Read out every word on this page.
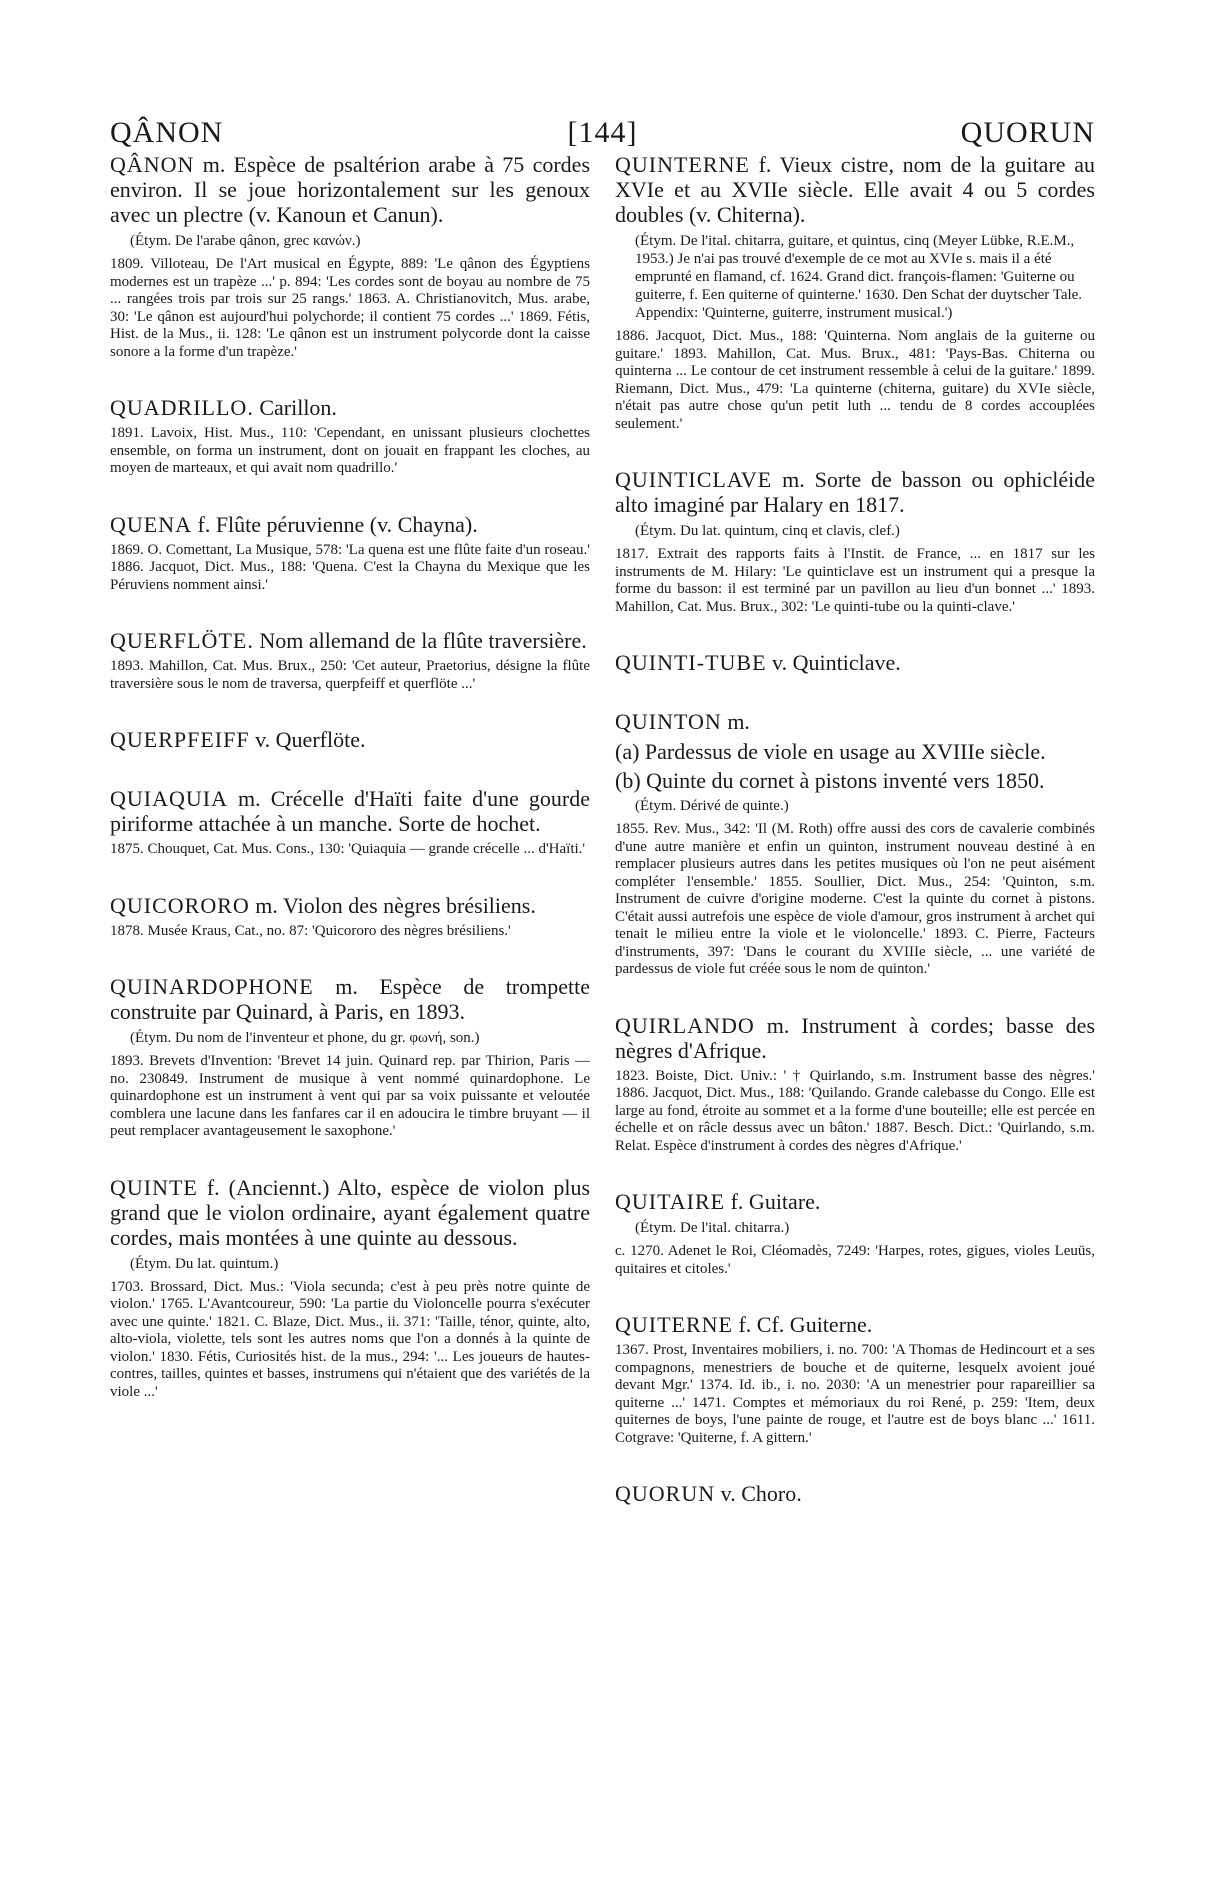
QÂNON	[144]	QUORUN

QÂNON m. Espèce de psaltérion arabe à 75 cordes environ. Il se joue horizontalement sur les genoux avec un plectre (v. Kanoun et Canun).

(Étym. De l'arabe qânon, grec κανών.)

1809. Villoteau, De l'Art musical en Égypte, 889: 'Le qânon des Égyptiens modernes est un trapèze ...' p. 894: 'Les cordes sont de boyau au nombre de 75 ... rangées trois par trois sur 25 rangs.' 1863. A. Christianovitch, Mus. arabe, 30: 'Le qânon est aujourd'hui polychorde; il contient 75 cordes ...' 1869. Fétis, Hist. de la Mus., ii. 128: 'Le qânon est un instrument polycorde dont la caisse sonore a la forme d'un trapèze.'

QUADRILLO. Carillon.

1891. Lavoix, Hist. Mus., 110: 'Cependant, en unissant plusieurs clochettes ensemble, on forma un instrument, dont on jouait en frappant les cloches, au moyen de marteaux, et qui avait nom quadrillo.'

QUENA f. Flûte péruvienne (v. Chayna).

1869. O. Comettant, La Musique, 578: 'La quena est une flûte faite d'un roseau.' 1886. Jacquot, Dict. Mus., 188: 'Quena. C'est la Chayna du Mexique que les Péruviens nomment ainsi.'

QUERFLÖTE. Nom allemand de la flûte traversière.

1893. Mahillon, Cat. Mus. Brux., 250: 'Cet auteur, Praetorius, désigne la flûte traversière sous le nom de traversa, querpfeiff et querflöte ...'

QUERPFEIFF v. Querflöte.

QUIAQUIA m. Crécelle d'Haïti faite d'une gourde piriforme attachée à un manche. Sorte de hochet.

1875. Chouquet, Cat. Mus. Cons., 130: 'Quiaquia — grande crécelle ... d'Haïti.'

QUICORORO m. Violon des nègres brésiliens.

1878. Musée Kraus, Cat., no. 87: 'Quicororo des nègres brésiliens.'

QUINARDOPHONE m. Espèce de trompette construite par Quinard, à Paris, en 1893.

(Étym. Du nom de l'inventeur et phone, du gr. φωνή, son.)

1893. Brevets d'Invention: 'Brevet 14 juin. Quinard rep. par Thirion, Paris — no. 230849. Instrument de musique à vent nommé quinardophone. Le quinardophone est un instrument à vent qui par sa voix puissante et veloutée comblera une lacune dans les fanfares car il en adoucira le timbre bruyant — il peut remplacer avantageusement le saxophone.'

QUINTE f. (Anciennt.) Alto, espèce de violon plus grand que le violon ordinaire, ayant également quatre cordes, mais montées à une quinte au dessous.

(Étym. Du lat. quintum.)

1703. Brossard, Dict. Mus.: 'Viola secunda; c'est à peu près notre quinte de violon.' 1765. L'Avantcoureur, 590: 'La partie du Violoncelle pourra s'exécuter avec une quinte.' 1821. C. Blaze, Dict. Mus., ii. 371: 'Taille, ténor, quinte, alto, alto-viola, violette, tels sont les autres noms que l'on a donnés à la quinte de violon.' 1830. Fétis, Curiosités hist. de la mus., 294: '... Les joueurs de hautes-contres, tailles, quintes et basses, instrumens qui n'étaient que des variétés de la viole ...'

QUINTERNE f. Vieux cistre, nom de la guitare au XVIe et au XVIIe siècle. Elle avait 4 ou 5 cordes doubles (v. Chiterna).

(Étym. De l'ital. chitarra, guitare, et quintus, cinq (Meyer Lübke, R.E.M., 1953.) Je n'ai pas trouvé d'exemple de ce mot au XVIe s. mais il a été emprunté en flamand, cf. 1624. Grand dict. françois-flamen: 'Guiterne ou guiterre, f. Een quiterne of quinterne.' 1630. Den Schat der duytscher Tale. Appendix: 'Quinterne, guiterre, instrument musical.')

1886. Jacquot, Dict. Mus., 188: 'Quinterna. Nom anglais de la guiterne ou guitare.' 1893. Mahillon, Cat. Mus. Brux., 481: 'Pays-Bas. Chiterna ou quinterna ... Le contour de cet instrument ressemble à celui de la guitare.' 1899. Riemann, Dict. Mus., 479: 'La quinterne (chiterna, guitare) du XVIe siècle, n'était pas autre chose qu'un petit luth ... tendu de 8 cordes accouplées seulement.'

QUINTICLAVE m. Sorte de basson ou ophicléide alto imaginé par Halary en 1817.

(Étym. Du lat. quintum, cinq et clavis, clef.)

1817. Extrait des rapports faits à l'Instit. de France, ... en 1817 sur les instruments de M. Hilary: 'Le quinticlave est un instrument qui a presque la forme du basson: il est terminé par un pavillon au lieu d'un bonnet ...' 1893. Mahillon, Cat. Mus. Brux., 302: 'Le quinti-tube ou la quinti-clave.'

QUINTI-TUBE v. Quinticlave.

QUINTON m.

(a) Pardessus de viole en usage au XVIIIe siècle.

(b) Quinte du cornet à pistons inventé vers 1850.

(Étym. Dérivé de quinte.)

1855. Rev. Mus., 342: 'Il (M. Roth) offre aussi des cors de cavalerie combinés d'une autre manière et enfin un quinton, instrument nouveau destiné à en remplacer plusieurs autres dans les petites musiques où l'on ne peut aisément compléter l'ensemble.' 1855. Soullier, Dict. Mus., 254: 'Quinton, s.m. Instrument de cuivre d'origine moderne. C'est la quinte du cornet à pistons. C'était aussi autrefois une espèce de viole d'amour, gros instrument à archet qui tenait le milieu entre la viole et le violoncelle.' 1893. C. Pierre, Facteurs d'instruments, 397: 'Dans le courant du XVIIIe siècle, ... une variété de pardessus de viole fut créée sous le nom de quinton.'

QUIRLANDO m. Instrument à cordes; basse des nègres d'Afrique.

1823. Boiste, Dict. Univ.: ' † Quirlando, s.m. Instrument basse des nègres.' 1886. Jacquot, Dict. Mus., 188: 'Quilando. Grande calebasse du Congo. Elle est large au fond, étroite au sommet et a la forme d'une bouteille; elle est percée en échelle et on râcle dessus avec un bâton.' 1887. Besch. Dict.: 'Quirlando, s.m. Relat. Espèce d'instrument à cordes des nègres d'Afrique.'

QUITAIRE f. Guitare.

(Étym. De l'ital. chitarra.)

c. 1270. Adenet le Roi, Cléomadès, 7249: 'Harpes, rotes, gigues, violes Leuüs, quitaires et citoles.'

QUITERNE f. Cf. Guiterne.

1367. Prost, Inventaires mobiliers, i. no. 700: 'A Thomas de Hedincourt et a ses compagnons, menestriers de bouche et de quiterne, lesquelx avoient joué devant Mgr.' 1374. Id. ib., i. no. 2030: 'A un menestrier pour rapareillier sa quiterne ...' 1471. Comptes et mémoriaux du roi René, p. 259: 'Item, deux quiternes de boys, l'une painte de rouge, et l'autre est de boys blanc ...' 1611. Cotgrave: 'Quiterne, f. A gittern.'

QUORUN v. Choro.
